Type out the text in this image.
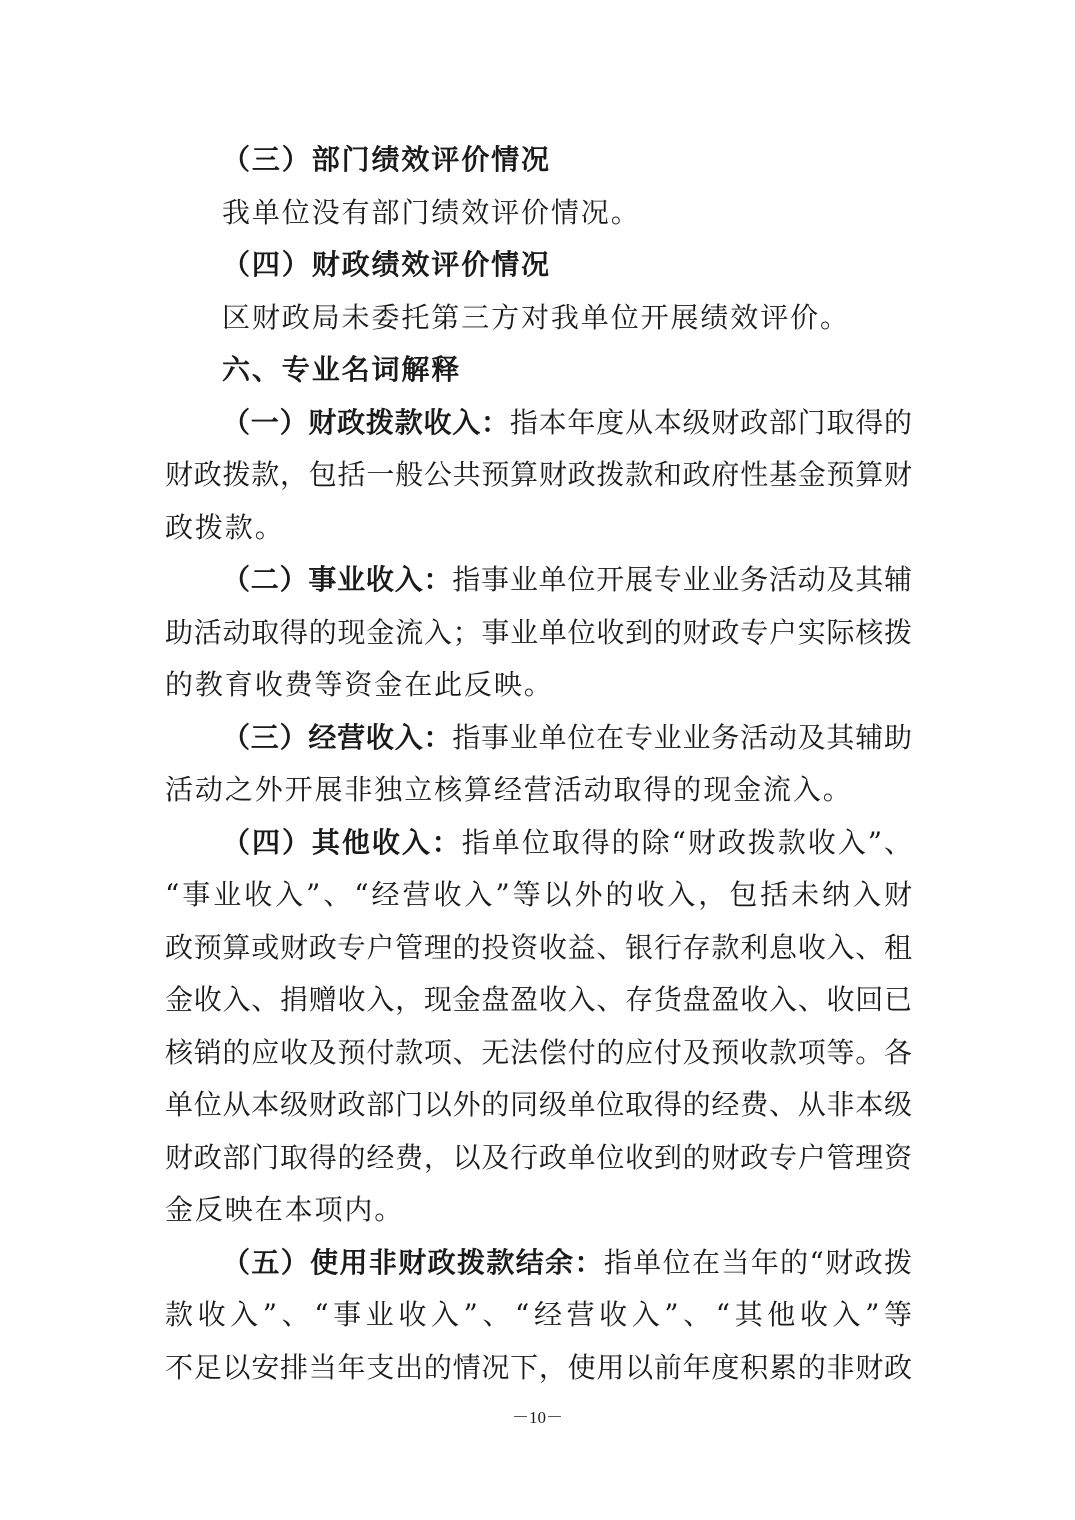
（三）部门绩效评价情况
我单位没有部门绩效评价情况。
（四）财政绩效评价情况
区财政局未委托第三方对我单位开展绩效评价。
六、专业名词解释
（一）财政拨款收入：指本年度从本级财政部门取得的
财政拨款，包括一般公共预算财政拨款和政府性基金预算财
政拨款。
（二）事业收入：指事业单位开展专业业务活动及其辅
助活动取得的现金流入；事业单位收到的财政专户实际核拨
的教育收费等资金在此反映。
（三）经营收入：指事业单位在专业业务活动及其辅助
活动之外开展非独立核算经营活动取得的现金流入。
（四）其他收入：指单位取得的除“财政拨款收入”、
“事业收入”、“经营收入”等以外的收入，包括未纳入财
政预算或财政专户管理的投资收益、银行存款利息收入、租
金收入、捐赠收入，现金盘盈收入、存货盘盈收入、收回已
核销的应收及预付款项、无法偿付的应付及预收款项等。各
单位从本级财政部门以外的同级单位取得的经费、从非本级
财政部门取得的经费，以及行政单位收到的财政专户管理资
金反映在本项内。
（五）使用非财政拨款结余：指单位在当年的“财政拨
款收入”、“事业收入”、“经营收入”、“其他收入”等
不足以安排当年支出的情况下，使用以前年度积累的非财政
－10－
